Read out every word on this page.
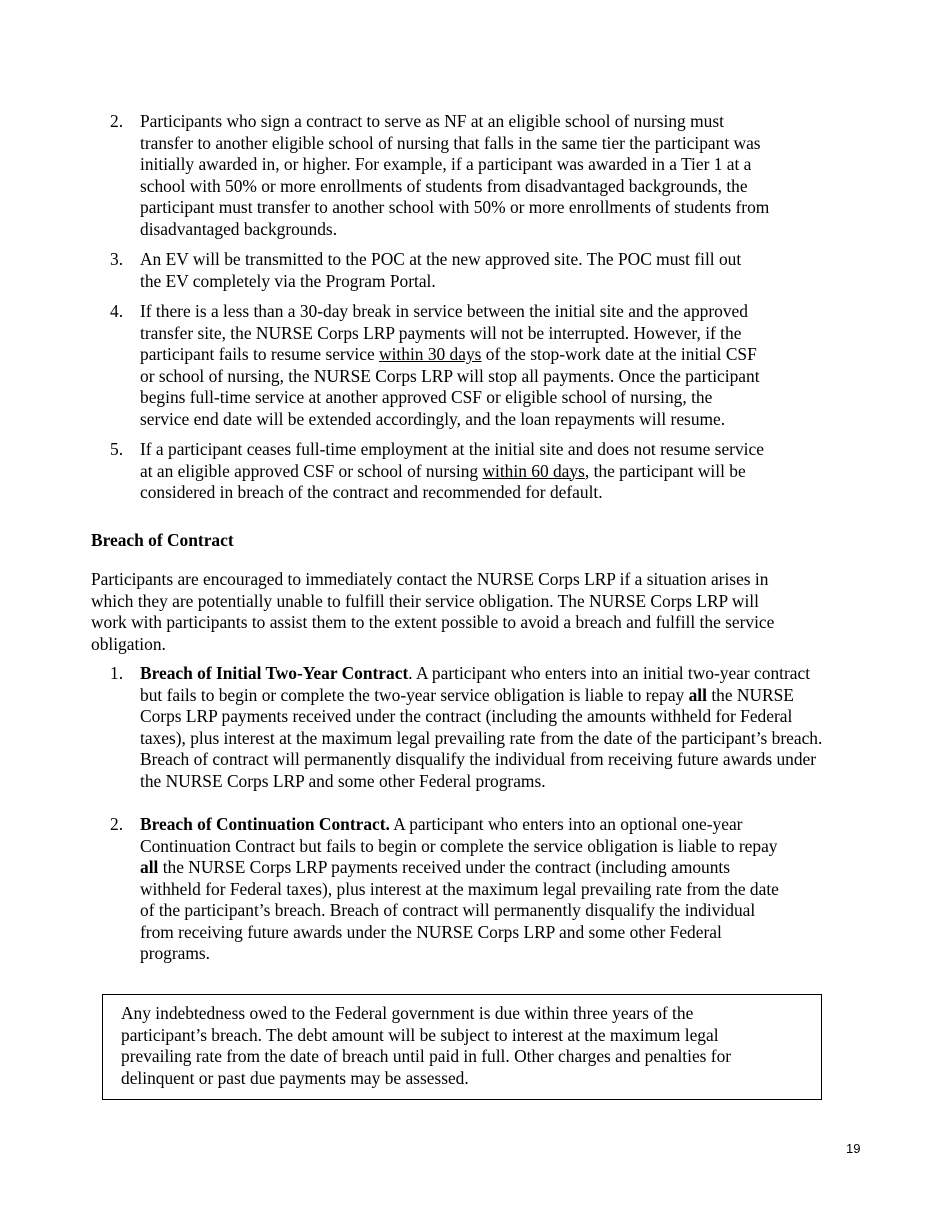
2. Participants who sign a contract to serve as NF at an eligible school of nursing must
transfer to another eligible school of nursing that falls in the same tier the participant was
initially awarded in, or higher. For example, if a participant was awarded in a Tier 1 at a
school with 50% or more enrollments of students from disadvantaged backgrounds, the
participant must transfer to another school with 50% or more enrollments of students from
disadvantaged backgrounds.
3. An EV will be transmitted to the POC at the new approved site. The POC must fill out
the EV completely via the Program Portal.
4. If there is a less than a 30-day break in service between the initial site and the approved
transfer site, the NURSE Corps LRP payments will not be interrupted. However, if the
participant fails to resume service within 30 days of the stop-work date at the initial CSF
or school of nursing, the NURSE Corps LRP will stop all payments. Once the participant
begins full-time service at another approved CSF or eligible school of nursing, the
service end date will be extended accordingly, and the loan repayments will resume.
5. If a participant ceases full-time employment at the initial site and does not resume service
at an eligible approved CSF or school of nursing within 60 days, the participant will be
considered in breach of the contract and recommended for default.
Breach of Contract
Participants are encouraged to immediately contact the NURSE Corps LRP if a situation arises in
which they are potentially unable to fulfill their service obligation. The NURSE Corps LRP will
work with participants to assist them to the extent possible to avoid a breach and fulfill the service
obligation.
1. Breach of Initial Two-Year Contract. A participant who enters into an initial two-year contract
but fails to begin or complete the two-year service obligation is liable to repay all the NURSE
Corps LRP payments received under the contract (including the amounts withheld for Federal
taxes), plus interest at the maximum legal prevailing rate from the date of the participant’s breach.
Breach of contract will permanently disqualify the individual from receiving future awards under
the NURSE Corps LRP and some other Federal programs.
2. Breach of Continuation Contract. A participant who enters into an optional one-year
Continuation Contract but fails to begin or complete the service obligation is liable to repay
all the NURSE Corps LRP payments received under the contract (including amounts
withheld for Federal taxes), plus interest at the maximum legal prevailing rate from the date
of the participant’s breach. Breach of contract will permanently disqualify the individual
from receiving future awards under the NURSE Corps LRP and some other Federal
programs.
Any indebtedness owed to the Federal government is due within three years of the
participant’s breach. The debt amount will be subject to interest at the maximum legal
prevailing rate from the date of breach until paid in full. Other charges and penalties for
delinquent or past due payments may be assessed.
19
